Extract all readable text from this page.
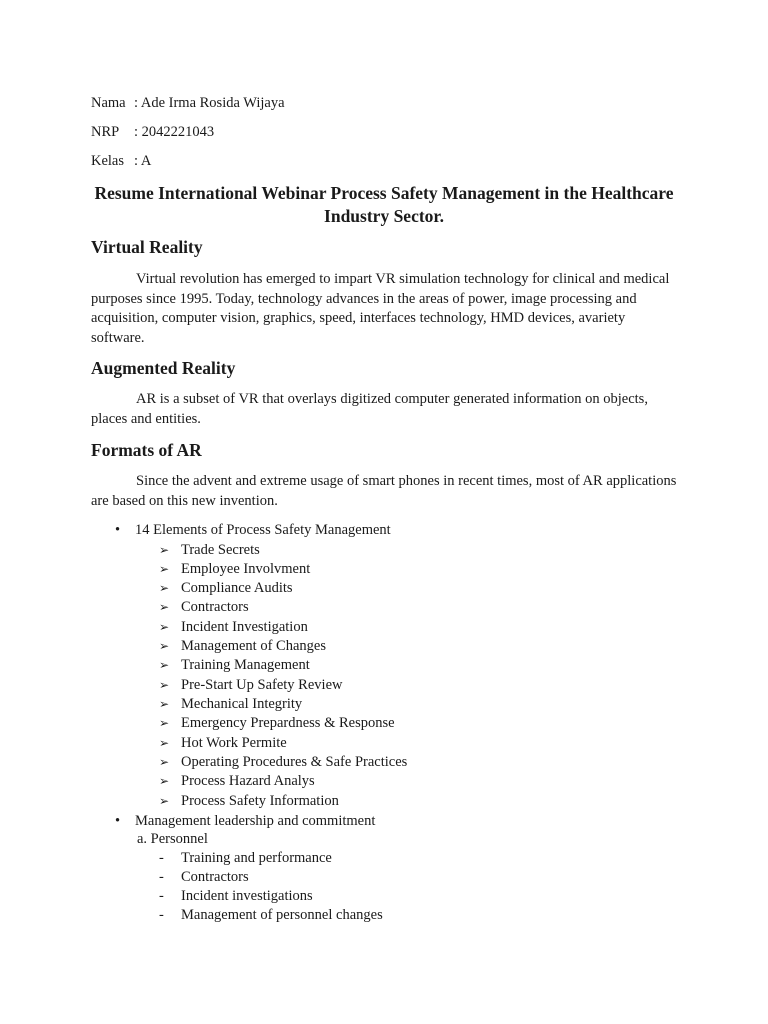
Nama : Ade Irma Rosida Wijaya
NRP : 2042221043
Kelas : A
Resume International Webinar Process Safety Management in the Healthcare
Industry Sector.
Virtual Reality

Virtual revolution has emerged to impart VR simulation technology for clinical and medical purposes since 1995. Today, technology advances in the areas of power, image processing and acquisition, computer vision, graphics, speed, interfaces technology, HMD devices, avariety software.

Augmented Reality

AR is a subset of VR that overlays digitized computer generated information on objects, places and entities.

Formats of AR

Since the advent and extreme usage of smart phones in recent times, most of AR applications are based on this new invention.

• 14 Elements of Process Safety Management
➢ Trade Secrets
➢ Employee Involvment
➢ Compliance Audits
➢ Contractors
➢ Incident Investigation
➢ Management of Changes
➢ Training Management
➢ Pre-Start Up Safety Review
➢ Mechanical Integrity
➢ Emergency Prepardness & Response
➢ Hot Work Permite
➢ Operating Procedures & Safe Practices
➢ Process Hazard Analys
➢ Process Safety Information
• Management leadership and commitment
a. Personnel
- Training and performance
- Contractors
- Incident investigations
- Management of personnel changes
